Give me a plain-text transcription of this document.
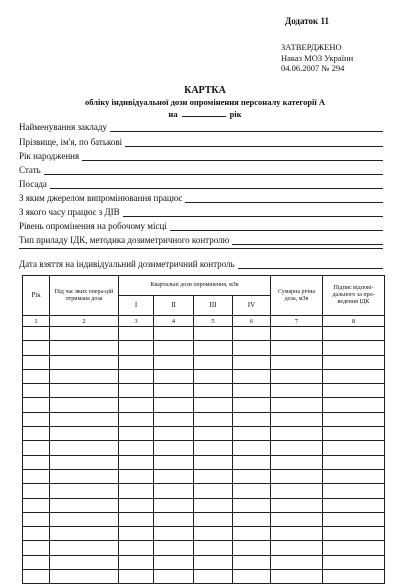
Додаток 11
ЗАТВЕРДЖЕНО
Наказ МОЗ України
04.06.2007 № 294
КАРТКА
обліку індивідуальної дози опромінення персоналу категорії А
на	рік
Найменування закладу
Прізвище, ім'я, по батькові
Рік народження
Стать
Посада
З яким джерелом випромінювання працює
З якого часу працює з ДІВ
Рівень опромінення на робочому місці
Тип приладу ІДК, методика дозиметричного контролю
Дата взяття на індивідуальний дозиметричний контроль
Рік	Під час яких опера-цій отримана доза	Квартальні дози опромінення, мЗв				Сумарна річна доза, мЗв	Підпис відпові-дального за про-ведення ІДК
		I	II	III	IV		
1	2	3	4	5	6	7	8
